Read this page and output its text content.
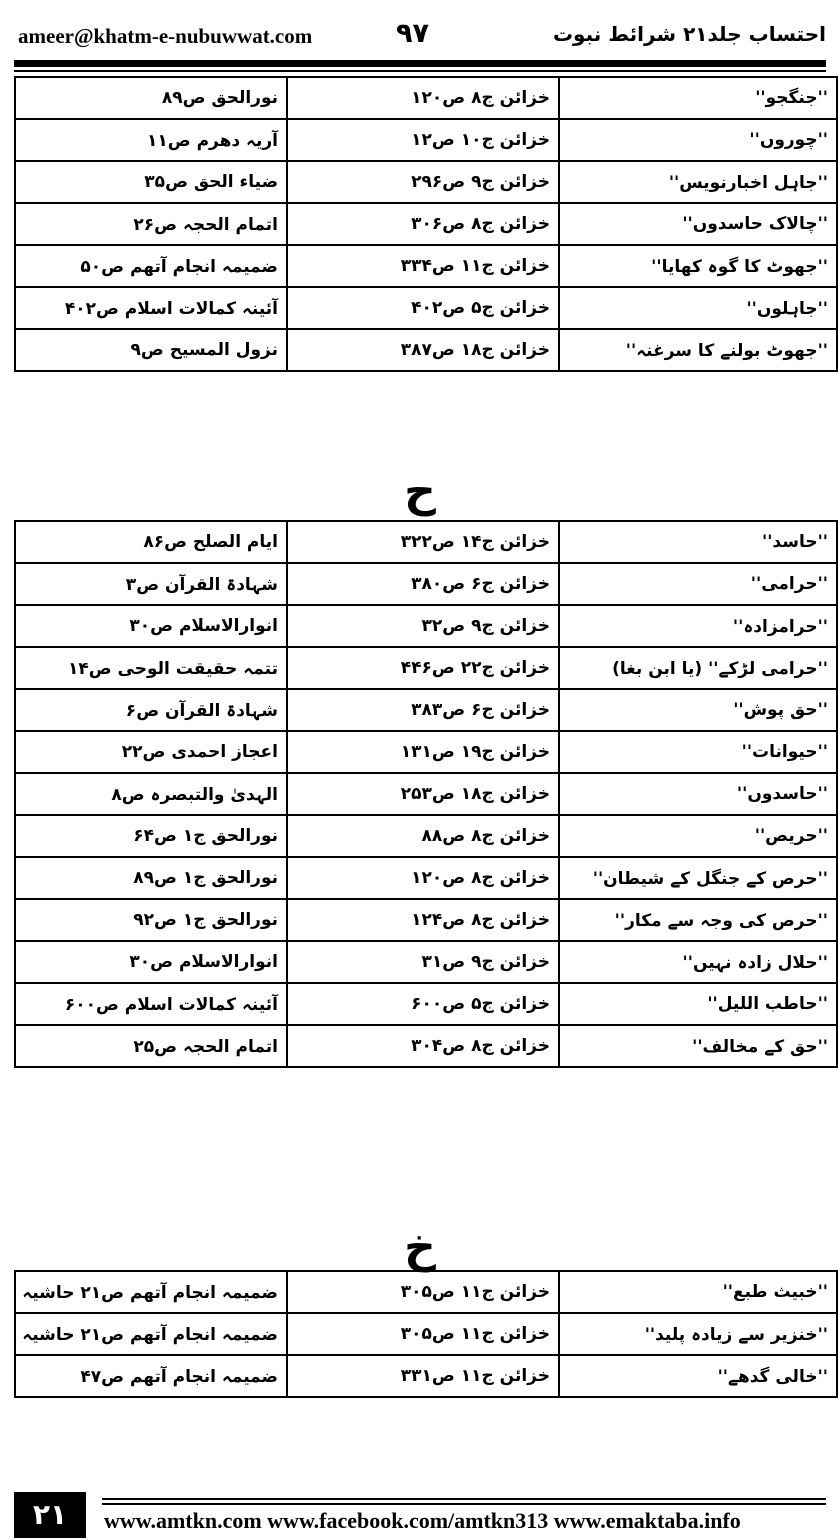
ameer@khatm-e-nubuwwat.com	۹۷	احتساب جلد۲۱ شرائط نبوت
نورالحق ص۸۹	خزائن ج۸ ص۱۲۰	''جنگجو''
آریہ دھرم ص۱۱	خزائن ج۱۰ ص۱۲	''چوروں''
ضیاء الحق ص۳۵	خزائن ج۹ ص۲۹۶	''جاہل اخبارنویس''
اتمام الحجہ ص۲۶	خزائن ج۸ ص۳۰۶	''چالاک حاسدوں''
ضمیمہ انجام آتھم ص۵۰	خزائن ج۱۱ ص۳۳۴	''جھوٹ کا گوہ کھایا''
آئینہ کمالات اسلام ص۴۰۲	خزائن ج۵ ص۴۰۲	''جاہلوں''
نزول المسیح ص۹	خزائن ج۱۸ ص۳۸۷	''جھوٹ بولنے کا سرغنہ''
ح
ایام الصلح ص۸۶	خزائن ج۱۴ ص۳۲۲	''حاسد''
شہادۃ القرآن ص۳	خزائن ج۶ ص۳۸۰	''حرامی''
انوارالاسلام ص۳۰	خزائن ج۹ ص۳۲	''حرامزادہ''
تتمہ حقیقت الوحی ص۱۴	خزائن ج۲۲ ص۴۴۶	''حرامی لڑکے'' (یا ابن بغا)
شہادۃ القرآن ص۶	خزائن ج۶ ص۳۸۳	''حق پوش''
اعجاز احمدی ص۲۲	خزائن ج۱۹ ص۱۳۱	''حیوانات''
الہدیٰ والتبصرہ ص۸	خزائن ج۱۸ ص۲۵۳	''حاسدوں''
نورالحق ج۱ ص۶۴	خزائن ج۸ ص۸۸	''حریص''
نورالحق ج۱ ص۸۹	خزائن ج۸ ص۱۲۰	''حرص کے جنگل کے شیطان''
نورالحق ج۱ ص۹۲	خزائن ج۸ ص۱۲۴	''حرص کی وجہ سے مکار''
انوارالاسلام ص۳۰	خزائن ج۹ ص۳۱	''حلال زادہ نہیں''
آئینہ کمالات اسلام ص۶۰۰	خزائن ج۵ ص۶۰۰	''حاطب اللیل''
اتمام الحجہ ص۲۵	خزائن ج۸ ص۳۰۴	''حق کے مخالف''
خ
ضمیمہ انجام آتھم ص۲۱ حاشیہ	خزائن ج۱۱ ص۳۰۵	''خبیث طبع''
ضمیمہ انجام آتھم ص۲۱ حاشیہ	خزائن ج۱۱ ص۳۰۵	''خنزیر سے زیادہ پلید''
ضمیمہ انجام آتھم ص۴۷	خزائن ج۱۱ ص۳۳۱	''خالی گدھے''
۲۱	www.amtkn.com www.facebook.com/amtkn313 www.emaktaba.info
